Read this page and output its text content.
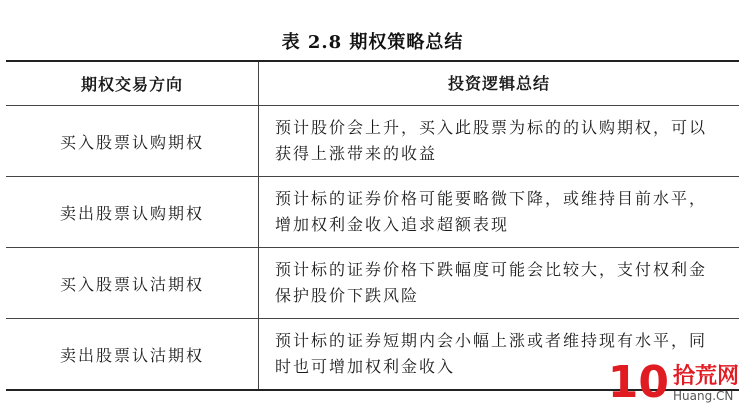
表 2.8 期权策略总结
期权交易方向	投资逻辑总结
买入股票认购期权
预计股价会上升，买入此股票为标的的认购期权，可以获得上涨带来的收益
卖出股票认购期权
预计标的证券价格可能要略微下降，或维持目前水平，增加权利金收入追求超额表现
买入股票认沽期权
预计标的证券价格下跌幅度可能会比较大，支付权利金保护股价下跌风险
卖出股票认沽期权
预计标的证券短期内会小幅上涨或者维持现有水平，同时也可增加权利金收入	10 拾荒网
Huang.CN
